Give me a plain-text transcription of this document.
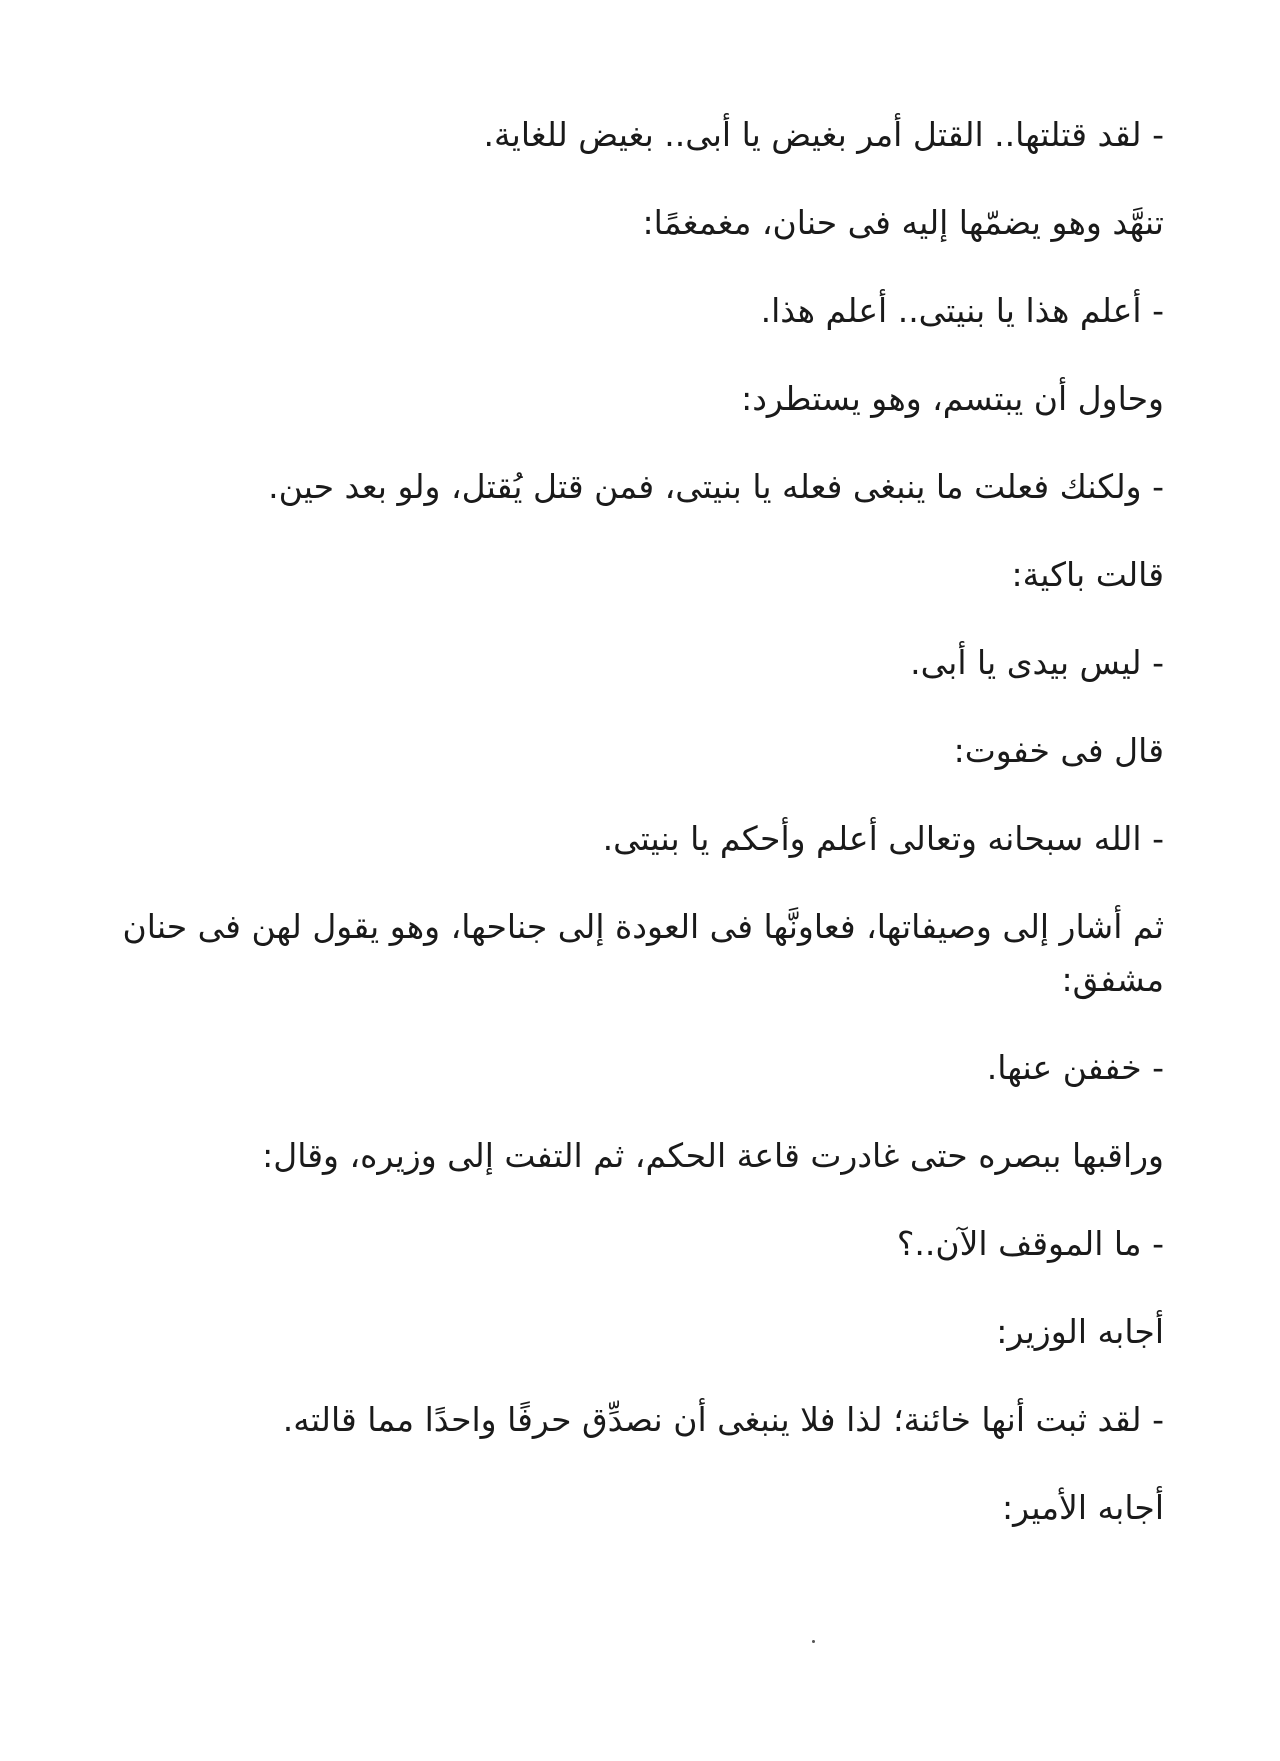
- لقد قتلتها.. القتل أمر بغيض يا أبى.. بغيض للغاية.

تنهَّد وهو يضمّها إليه فى حنان، مغمغمًا:

- أعلم هذا يا بنيتى.. أعلم هذا.

وحاول أن يبتسم، وهو يستطرد:

- ولكنك فعلت ما ينبغى فعله يا بنيتى، فمن قتل يُقتل، ولو بعد حين.

قالت باكية:

- ليس بيدى يا أبى.

قال فى خفوت:

- الله سبحانه وتعالى أعلم وأحكم يا بنيتى.

ثم أشار إلى وصيفاتها، فعاونَّها فى العودة إلى جناحها، وهو يقول لهن فى حنان مشفق:

- خففن عنها.

وراقبها ببصره حتى غادرت قاعة الحكم، ثم التفت إلى وزيره، وقال:

- ما الموقف الآن..؟

أجابه الوزير:

- لقد ثبت أنها خائنة؛ لذا فلا ينبغى أن نصدِّق حرفًا واحدًا مما قالته.

أجابه الأمير:
